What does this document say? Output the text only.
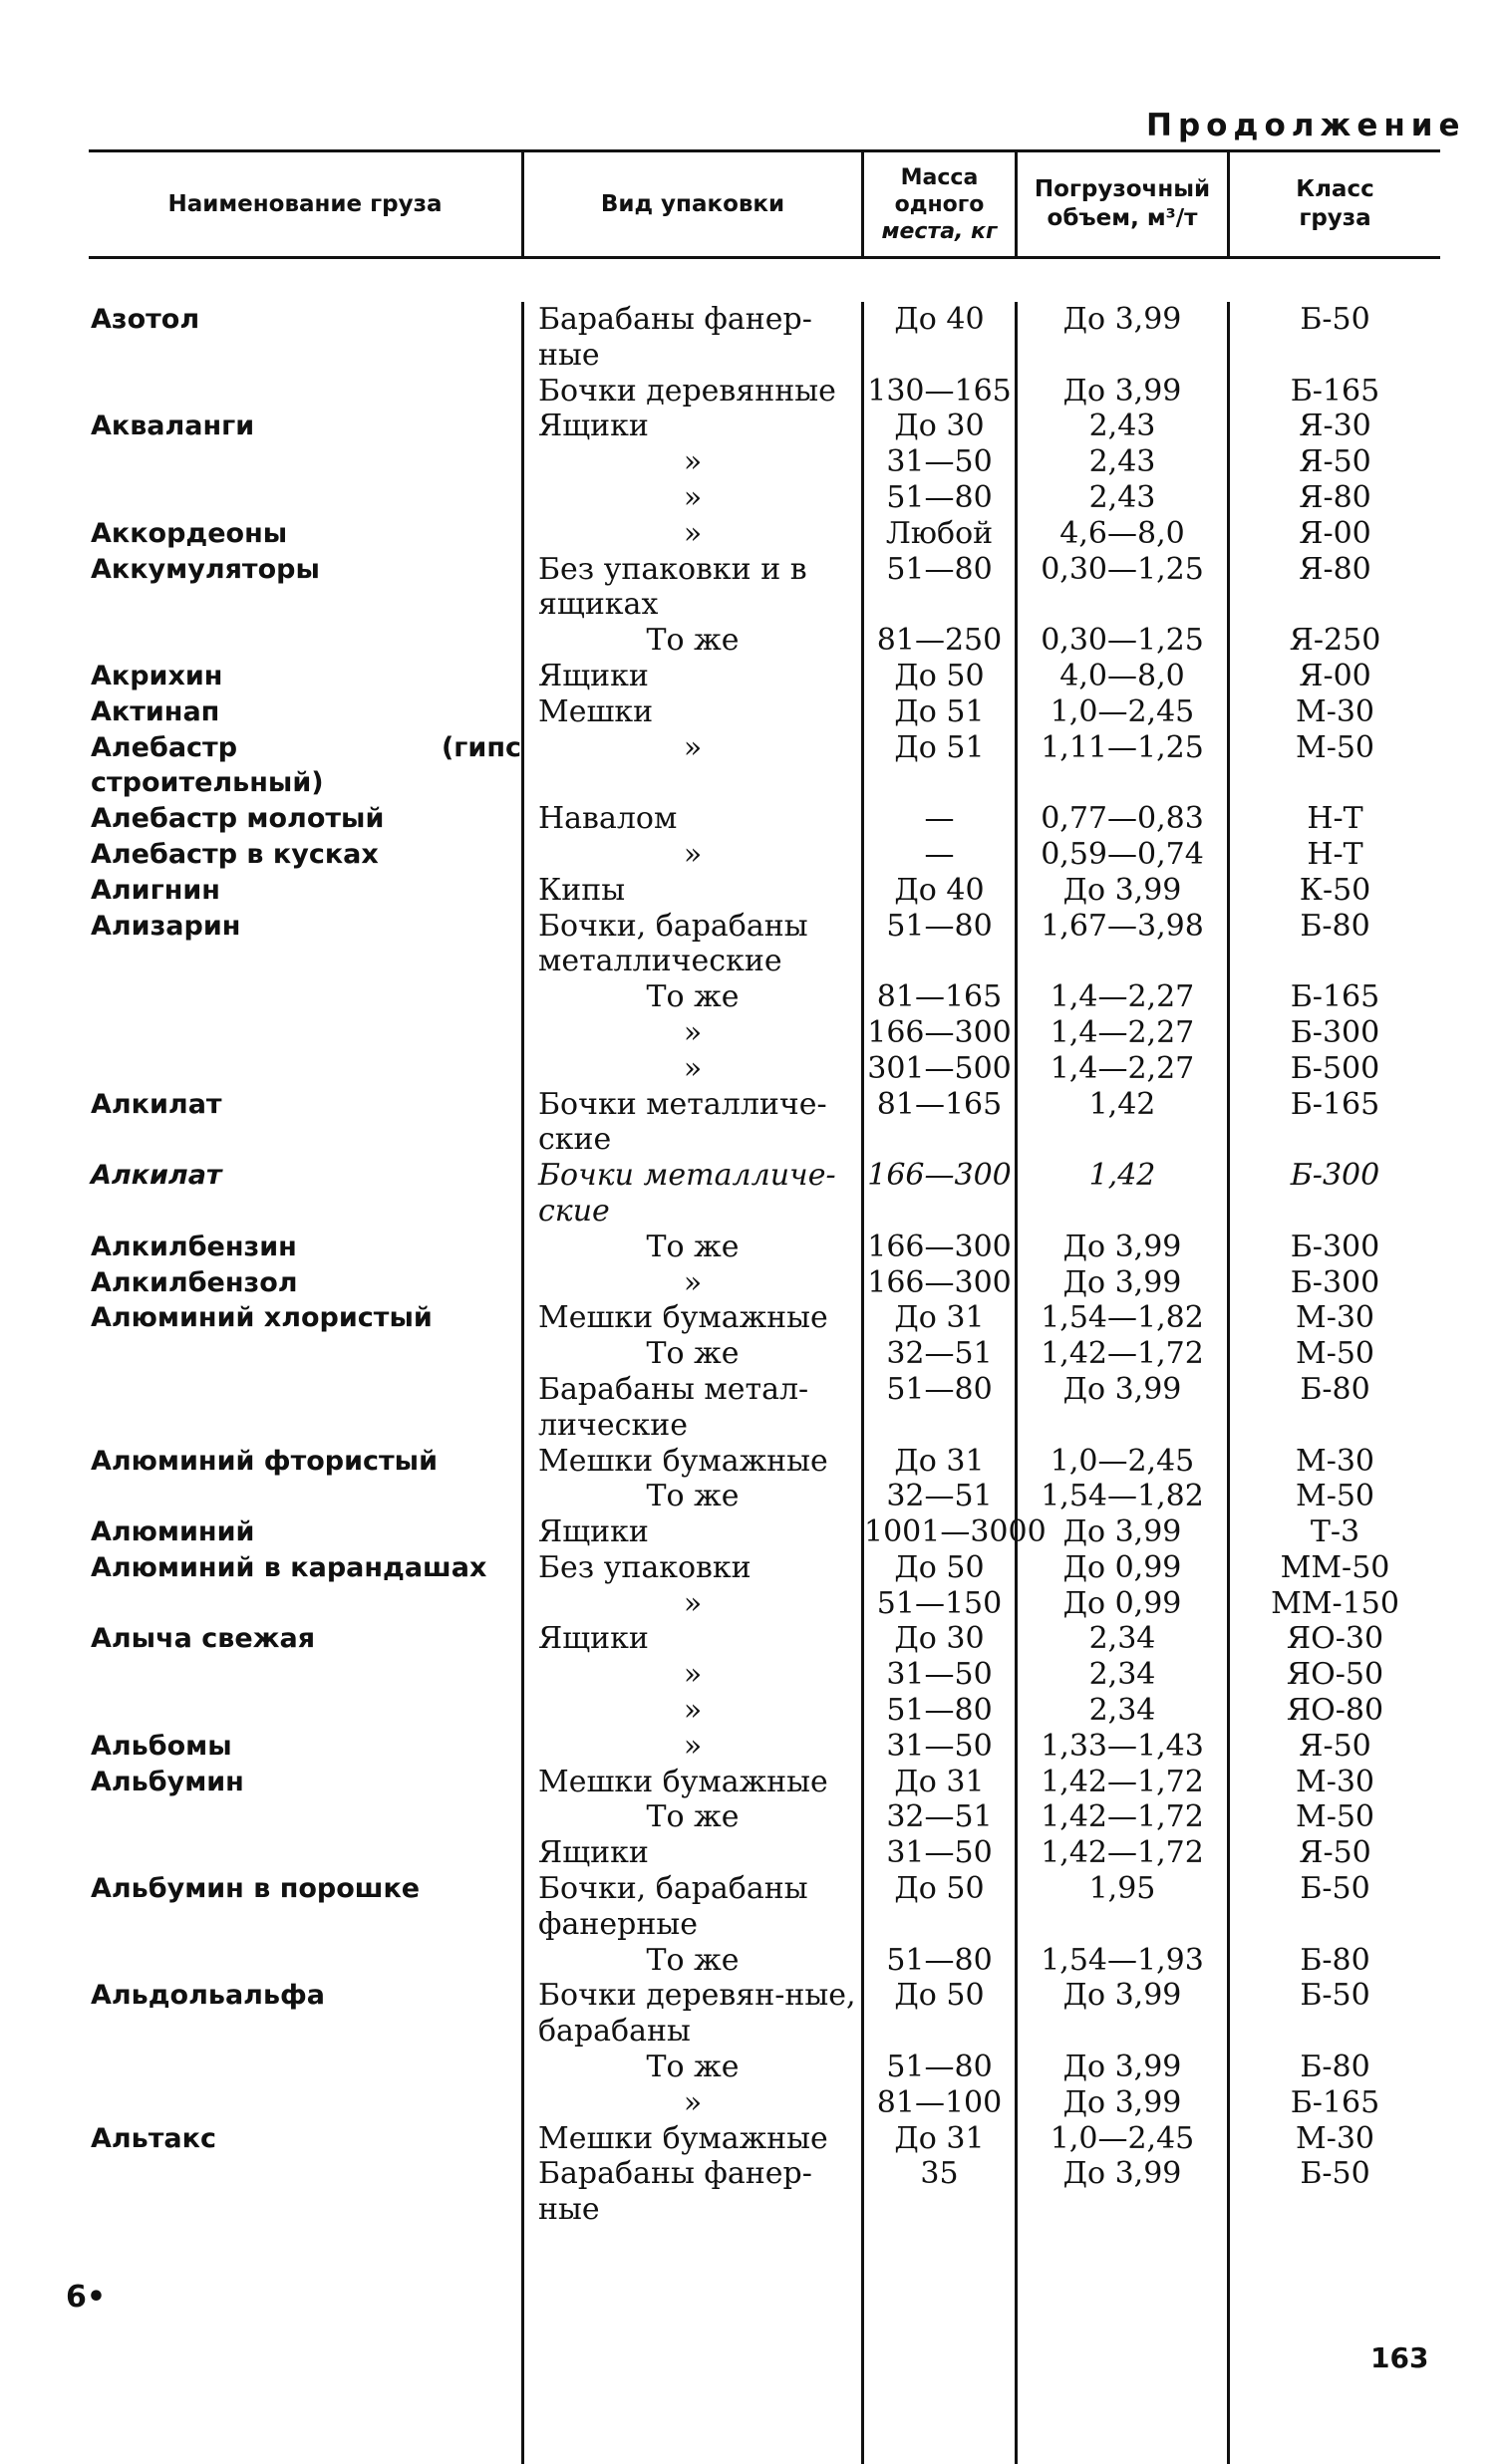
Продолжение
Наименование груза	Вид упаковки
Масса
одного
места, кг
Погрузочный
объем, м³/т
Класс
груза
Азотол
Акваланги
Аккордеоны
Аккумуляторы
Акрихин
Актинап
Алебастр (гипс строительный)
Алебастр молотый
Алебастр в кусках
Алигнин
Ализарин
Алкилат
Алкилат
Алкилбензин
Алкилбензол
Алюминий хлористый
Алюминий фтористый
Алюминий
Алюминий в карандашах
Алыча свежая
Альбомы
Альбумин
Альбумин в порошке
Альдольальфа
Альтакс
Барабаны фанер-ные
Бочки деревянные
Ящики
»
»
»
Без упаковки и в ящиках
То же
Ящики
Мешки
»
Навалом
»
Кипы
Бочки, барабаны металлические
То же
»
»
Бочки металличе-ские
Бочки металличе-ские
То же
»
Мешки бумажные
То же
Барабаны метал-лические
Мешки бумажные
То же
Ящики
Без упаковки
»
Ящики
»
»
»
Мешки бумажные
То же
Ящики
Бочки, барабаны фанерные
То же
Бочки деревян-ные, барабаны
То же
»
Мешки бумажные
Барабаны фанер-ные
До 40
130—165
До 30
31—50
51—80
Любой
51—80
81—250
До 50
До 51
До 51
—
—
До 40
51—80
81—165
166—300
301—500
81—165
166—300
166—300
166—300
До 31
32—51
51—80
До 31
32—51
1001—3000
До 50
51—150
До 30
31—50
51—80
31—50
До 31
32—51
31—50
До 50
51—80
До 50
51—80
81—100
До 31
35
До 3,99
До 3,99
2,43
2,43
2,43
4,6—8,0
0,30—1,25
0,30—1,25
4,0—8,0
1,0—2,45
1,11—1,25
0,77—0,83
0,59—0,74
До 3,99
1,67—3,98
1,4—2,27
1,4—2,27
1,4—2,27
1,42
1,42
До 3,99
До 3,99
1,54—1,82
1,42—1,72
До 3,99
1,0—2,45
1,54—1,82
До 3,99
До 0,99
До 0,99
2,34
2,34
2,34
1,33—1,43
1,42—1,72
1,42—1,72
1,42—1,72
1,95
1,54—1,93
До 3,99
До 3,99
До 3,99
1,0—2,45
До 3,99
Б-50
Б-165
Я-30
Я-50
Я-80
Я-00
Я-80
Я-250
Я-00
М-30
М-50
Н-Т
Н-Т
К-50
Б-80
Б-165
Б-300
Б-500
Б-165
Б-300
Б-300
Б-300
М-30
М-50
Б-80
М-30
М-50
Т-3
ММ-50
ММ-150
ЯО-30
ЯО-50
ЯО-80
Я-50
М-30
М-50
Я-50
Б-50
Б-80
Б-50
Б-80
Б-165
М-30
Б-50
6•
163
